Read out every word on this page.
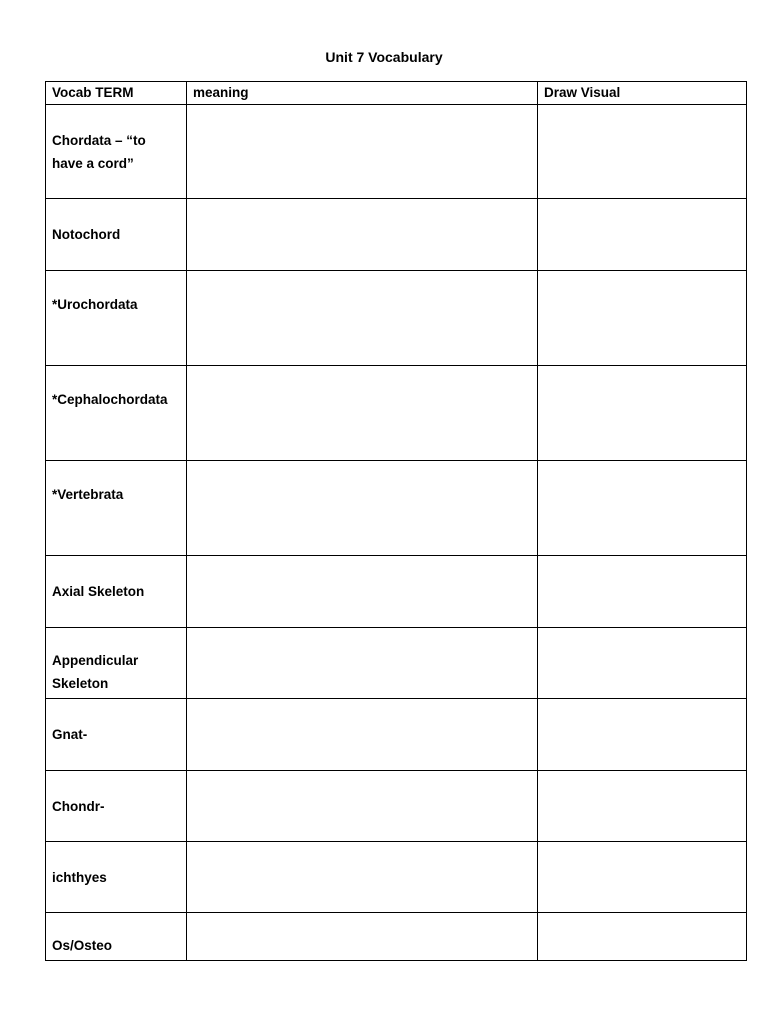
Unit 7 Vocabulary
Vocab TERM	meaning	Draw Visual
Chordata – “to have a cord”		
Notochord		
*Urochordata		
*Cephalochordata		
*Vertebrata		
Axial Skeleton		
Appendicular Skeleton		
Gnat-		
Chondr-		
ichthyes		
Os/Osteo		
